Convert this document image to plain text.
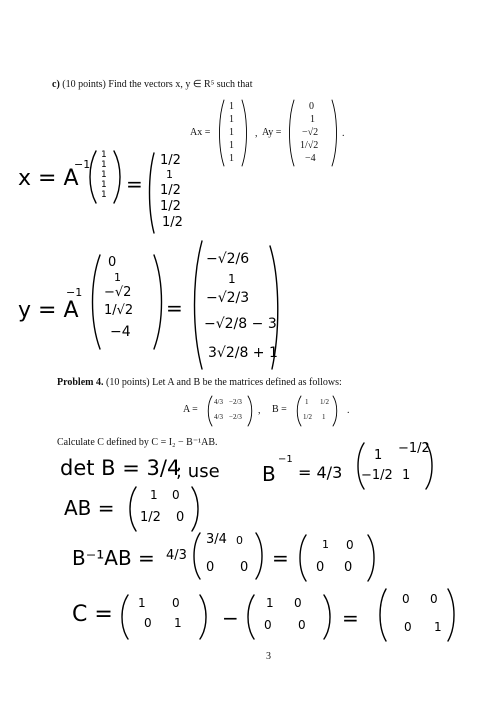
c) (10 points) Find the vectors x, y ∈ R⁵ such that
Ax =
1
1
1
1
1
, Ay =
0
1
−√2
1/√2
−4
.
x = A
−1
1
1
1
1
1 =
1/2
1
1/2
1/2
1/2
y = A
−1
0
1
−√2
1/√2
−4
=
−√2/6
1
−√2/3
−√2/8 − 3
3√2/8 + 1
Problem 4. (10 points) Let A and B be the matrices defined as follows:
A =
4/3 −2/3
4/3 −2/3
, B =
1 1/2
1/2 1
.
Calculate C defined by C = I₂ − B⁻¹AB.
det B = 3/4
; use B
−1
= 4/3
1 −1/2
−1/2 1
AB =
1 0
1/2 0
B⁻¹AB = 4/3
3/4 0
0 0 =
1 0
0 0
C = 1 0
0 1 −
1 0
0 0 =
0 0
0 1
3
